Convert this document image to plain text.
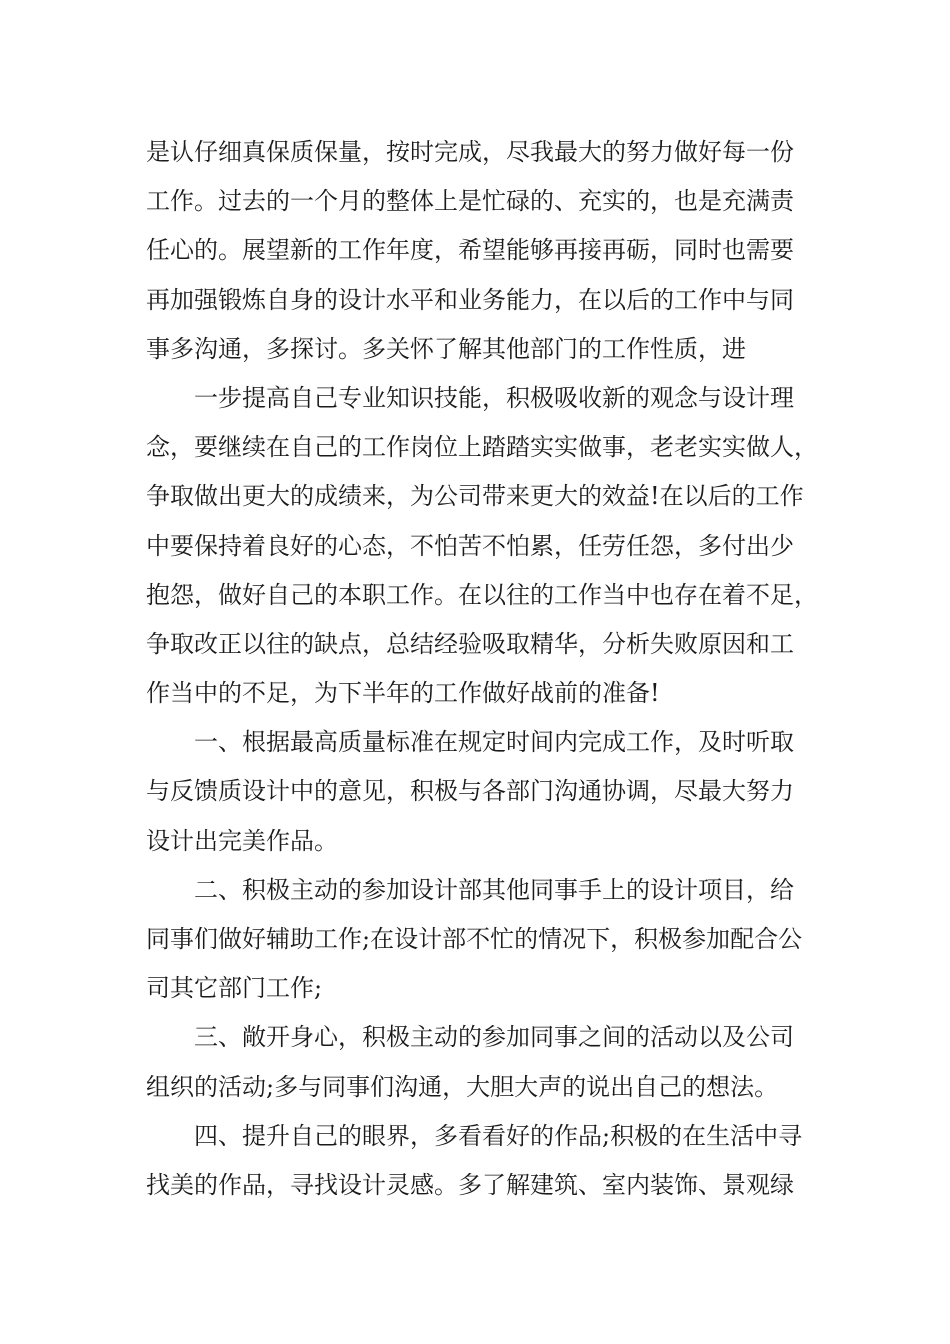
是认仔细真保质保量，按时完成，尽我最大的努力做好每一份
工作。过去的一个月的整体上是忙碌的、充实的，也是充满责
任心的。展望新的工作年度，希望能够再接再砺，同时也需要
再加强锻炼自身的设计水平和业务能力，在以后的工作中与同
事多沟通，多探讨。多关怀了解其他部门的工作性质，进
一步提高自己专业知识技能，积极吸收新的观念与设计理
念，要继续在自己的工作岗位上踏踏实实做事，老老实实做人，
争取做出更大的成绩来，为公司带来更大的效益!在以后的工作
中要保持着良好的心态，不怕苦不怕累，任劳任怨，多付出少
抱怨，做好自己的本职工作。在以往的工作当中也存在着不足，
争取改正以往的缺点，总结经验吸取精华，分析失败原因和工
作当中的不足，为下半年的工作做好战前的准备!
一、根据最高质量标准在规定时间内完成工作，及时听取
与反馈质设计中的意见，积极与各部门沟通协调，尽最大努力
设计出完美作品。
二、积极主动的参加设计部其他同事手上的设计项目，给
同事们做好辅助工作;在设计部不忙的情况下，积极参加配合公
司其它部门工作;
三、敞开身心，积极主动的参加同事之间的活动以及公司
组织的活动;多与同事们沟通，大胆大声的说出自己的想法。
四、提升自己的眼界，多看看好的作品;积极的在生活中寻
找美的作品，寻找设计灵感。多了解建筑、室内装饰、景观绿
